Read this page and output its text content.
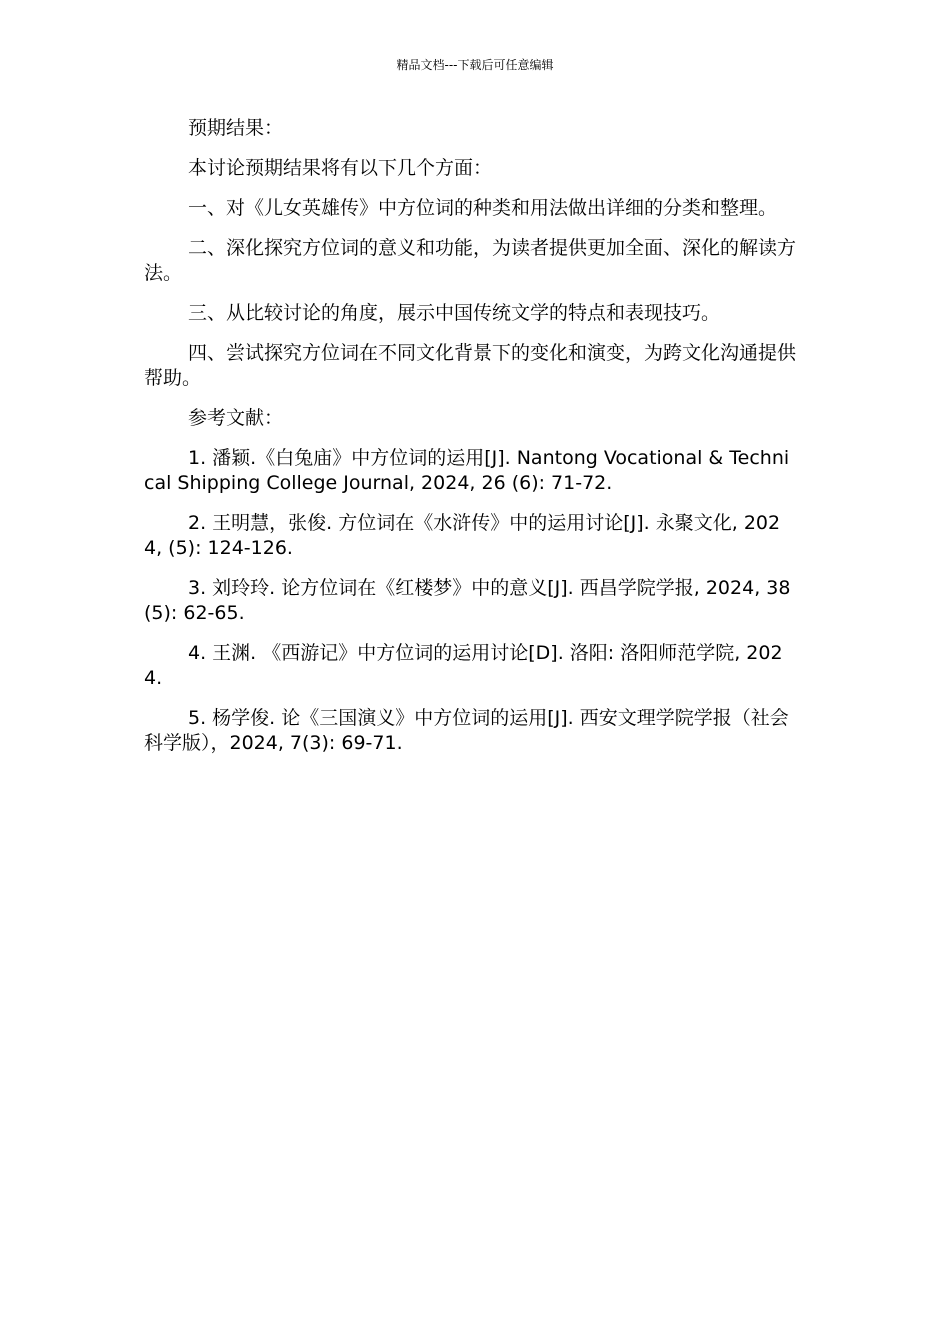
精品文档---下载后可任意编辑

预期结果：

本讨论预期结果将有以下几个方面：

一、对《儿女英雄传》中方位词的种类和用法做出详细的分类和整理。

二、深化探究方位词的意义和功能，为读者提供更加全面、深化的解读方法。

三、从比较讨论的角度，展示中国传统文学的特点和表现技巧。

四、尝试探究方位词在不同文化背景下的变化和演变，为跨文化沟通提供帮助。

参考文献：

1. 潘颖.《白兔庙》中方位词的运用[J]. Nantong Vocational & Technical Shipping College Journal, 2024, 26 (6): 71-72.

2. 王明慧，张俊. 方位词在《水浒传》中的运用讨论[J]. 永聚文化, 2024, (5): 124-126.

3. 刘玲玲. 论方位词在《红楼梦》中的意义[J]. 西昌学院学报, 2024, 38(5): 62-65.

4. 王渊. 《西游记》中方位词的运用讨论[D]. 洛阳: 洛阳师范学院, 2024.

5. 杨学俊. 论《三国演义》中方位词的运用[J]. 西安文理学院学报（社会科学版），2024, 7(3): 69-71.
